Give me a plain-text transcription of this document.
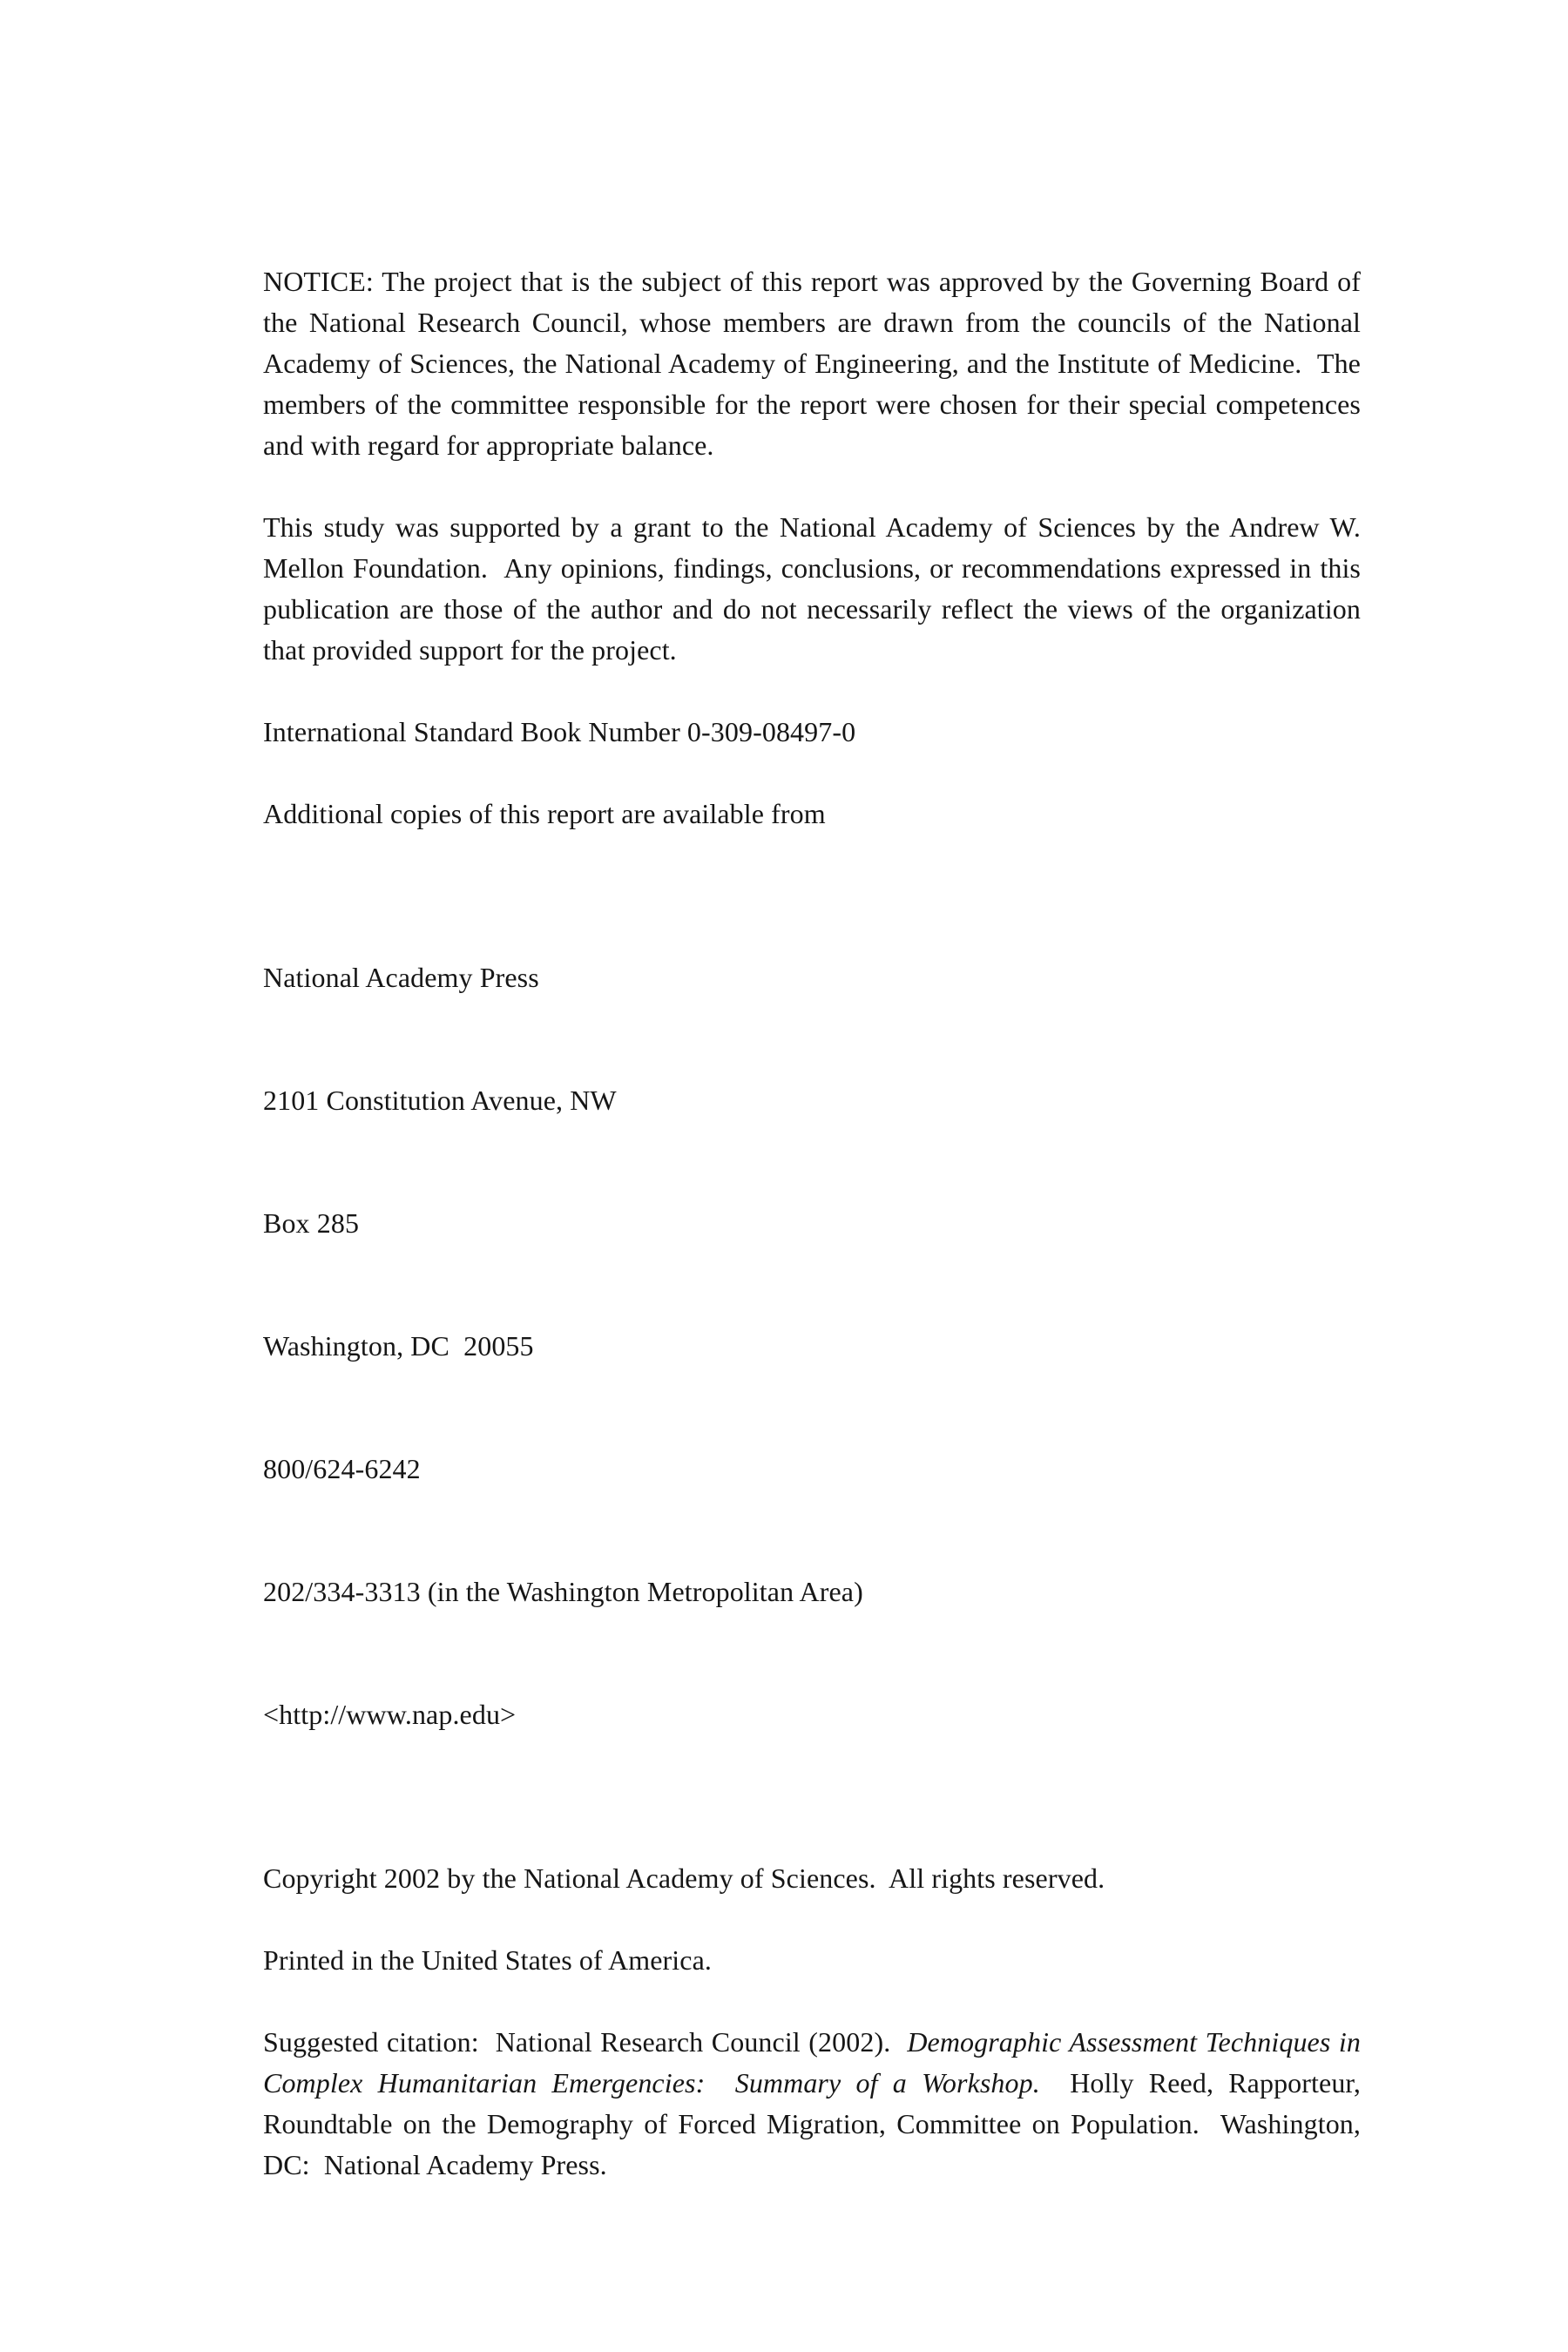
NOTICE: The project that is the subject of this report was approved by the Governing Board of the National Research Council, whose members are drawn from the councils of the National Academy of Sciences, the National Academy of Engineering, and the Institute of Medicine.  The members of the committee responsible for the report were chosen for their special competences and with regard for appropriate balance.

This study was supported by a grant to the National Academy of Sciences by the Andrew W. Mellon Foundation.  Any opinions, findings, conclusions, or recommendations expressed in this publication are those of the author and do not necessarily reflect the views of the organization that provided support for the project.

International Standard Book Number 0-309-08497-0

Additional copies of this report are available from

National Academy Press

2101 Constitution Avenue, NW

Box 285

Washington, DC  20055

800/624-6242

202/334-3313 (in the Washington Metropolitan Area)

<http://www.nap.edu>

Copyright 2002 by the National Academy of Sciences.  All rights reserved.

Printed in the United States of America.

Suggested citation:  National Research Council (2002).  Demographic Assessment Techniques in Complex Humanitarian Emergencies:  Summary of a Workshop.  Holly Reed, Rapporteur, Roundtable on the Demography of Forced Migration, Committee on Population.  Washington, DC:  National Academy Press.
